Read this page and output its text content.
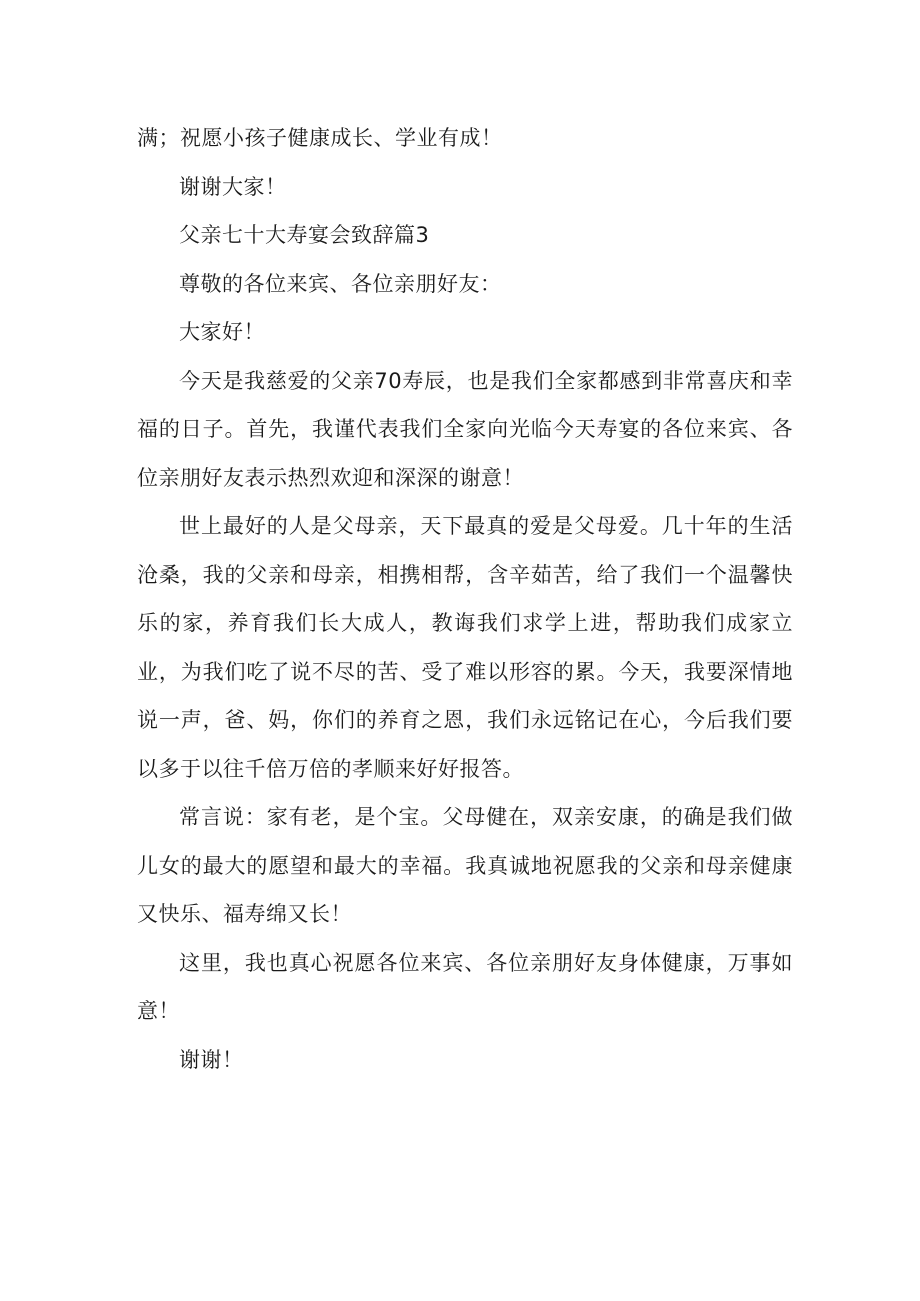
满；祝愿小孩子健康成长、学业有成！

谢谢大家！

父亲七十大寿宴会致辞篇3

尊敬的各位来宾、各位亲朋好友：

大家好！

今天是我慈爱的父亲70寿辰，也是我们全家都感到非常喜庆和幸福的日子。首先，我谨代表我们全家向光临今天寿宴的各位来宾、各位亲朋好友表示热烈欢迎和深深的谢意！

世上最好的人是父母亲，天下最真的爱是父母爱。几十年的生活沧桑，我的父亲和母亲，相携相帮，含辛茹苦，给了我们一个温馨快乐的家，养育我们长大成人，教诲我们求学上进，帮助我们成家立业，为我们吃了说不尽的苦、受了难以形容的累。今天，我要深情地说一声，爸、妈，你们的养育之恩，我们永远铭记在心，今后我们要以多于以往千倍万倍的孝顺来好好报答。

常言说：家有老，是个宝。父母健在，双亲安康，的确是我们做儿女的最大的愿望和最大的幸福。我真诚地祝愿我的父亲和母亲健康又快乐、福寿绵又长！

这里，我也真心祝愿各位来宾、各位亲朋好友身体健康，万事如意！

谢谢！
